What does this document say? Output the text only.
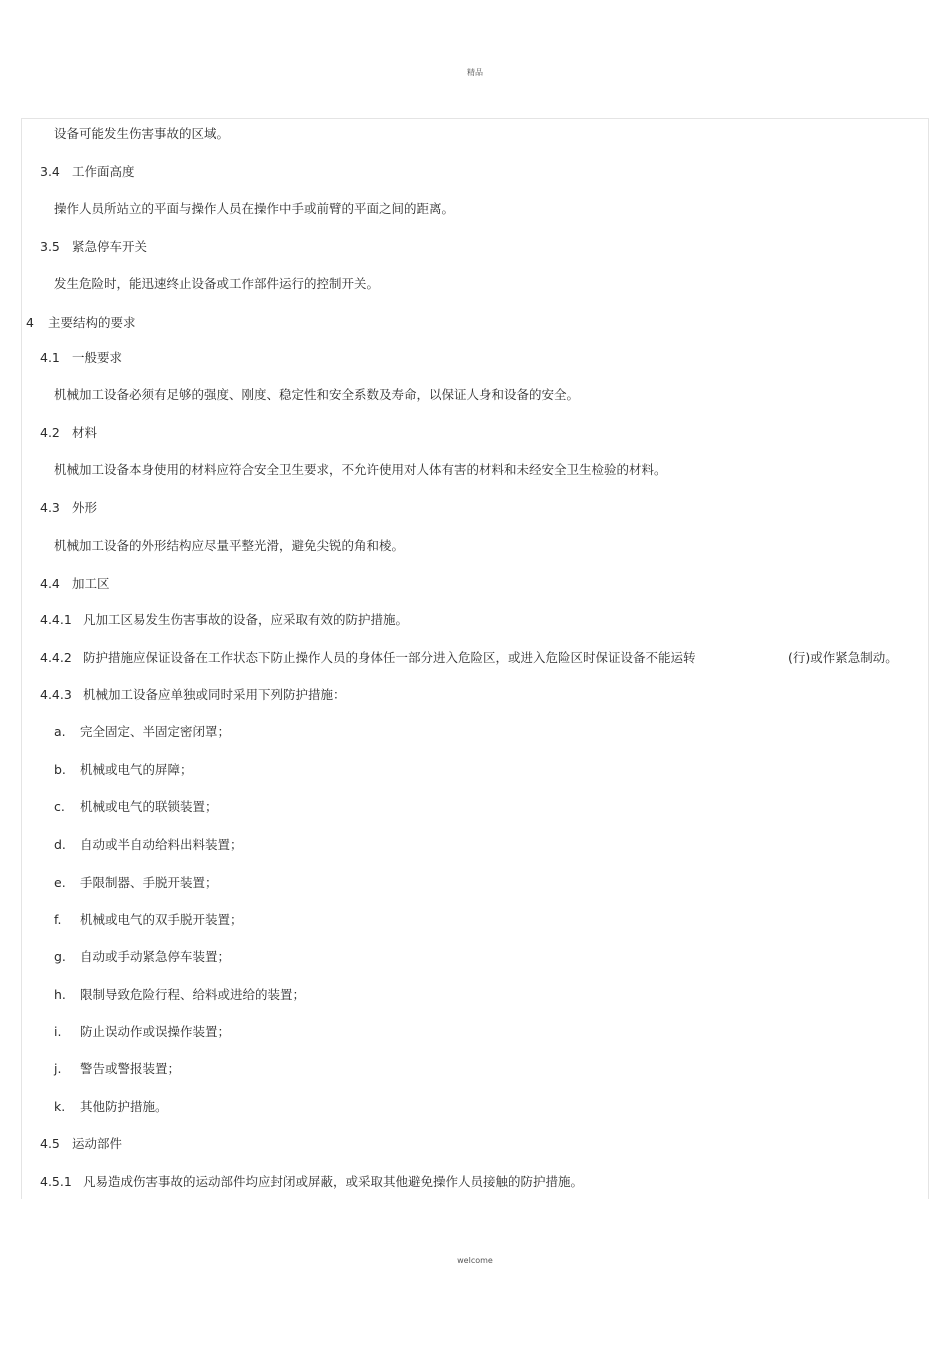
精品
设备可能发生伤害事故的区域。
3.4 工作面高度
操作人员所站立的平面与操作人员在操作中手或前臂的平面之间的距离。
3.5 紧急停车开关
发生危险时，能迅速终止设备或工作部件运行的控制开关。
4 主要结构的要求
4.1 一般要求
机械加工设备必须有足够的强度、刚度、稳定性和安全系数及寿命，以保证人身和设备的安全。
4.2 材料
机械加工设备本身使用的材料应符合安全卫生要求，不允许使用对人体有害的材料和未经安全卫生检验的材料。
4.3 外形
机械加工设备的外形结构应尽量平整光滑，避免尖锐的角和棱。
4.4 加工区
4.4.1 凡加工区易发生伤害事故的设备，应采取有效的防护措施。
4.4.2 防护措施应保证设备在工作状态下防止操作人员的身体任一部分进入危险区，或进入危险区时保证设备不能运转	(行)或作紧急制动。
4.4.3 机械加工设备应单独或同时采用下列防护措施：
a. 完全固定、半固定密闭罩；
b. 机械或电气的屏障；
c. 机械或电气的联锁装置；
d. 自动或半自动给料出料装置；
e. 手限制器、手脱开装置；
f. 机械或电气的双手脱开装置；
g. 自动或手动紧急停车装置；
h. 限制导致危险行程、给料或进给的装置；
i. 防止误动作或误操作装置；
j. 警告或警报装置；
k. 其他防护措施。
4.5 运动部件
4.5.1 凡易造成伤害事故的运动部件均应封闭或屏蔽，或采取其他避免操作人员接触的防护措施。
welcome
